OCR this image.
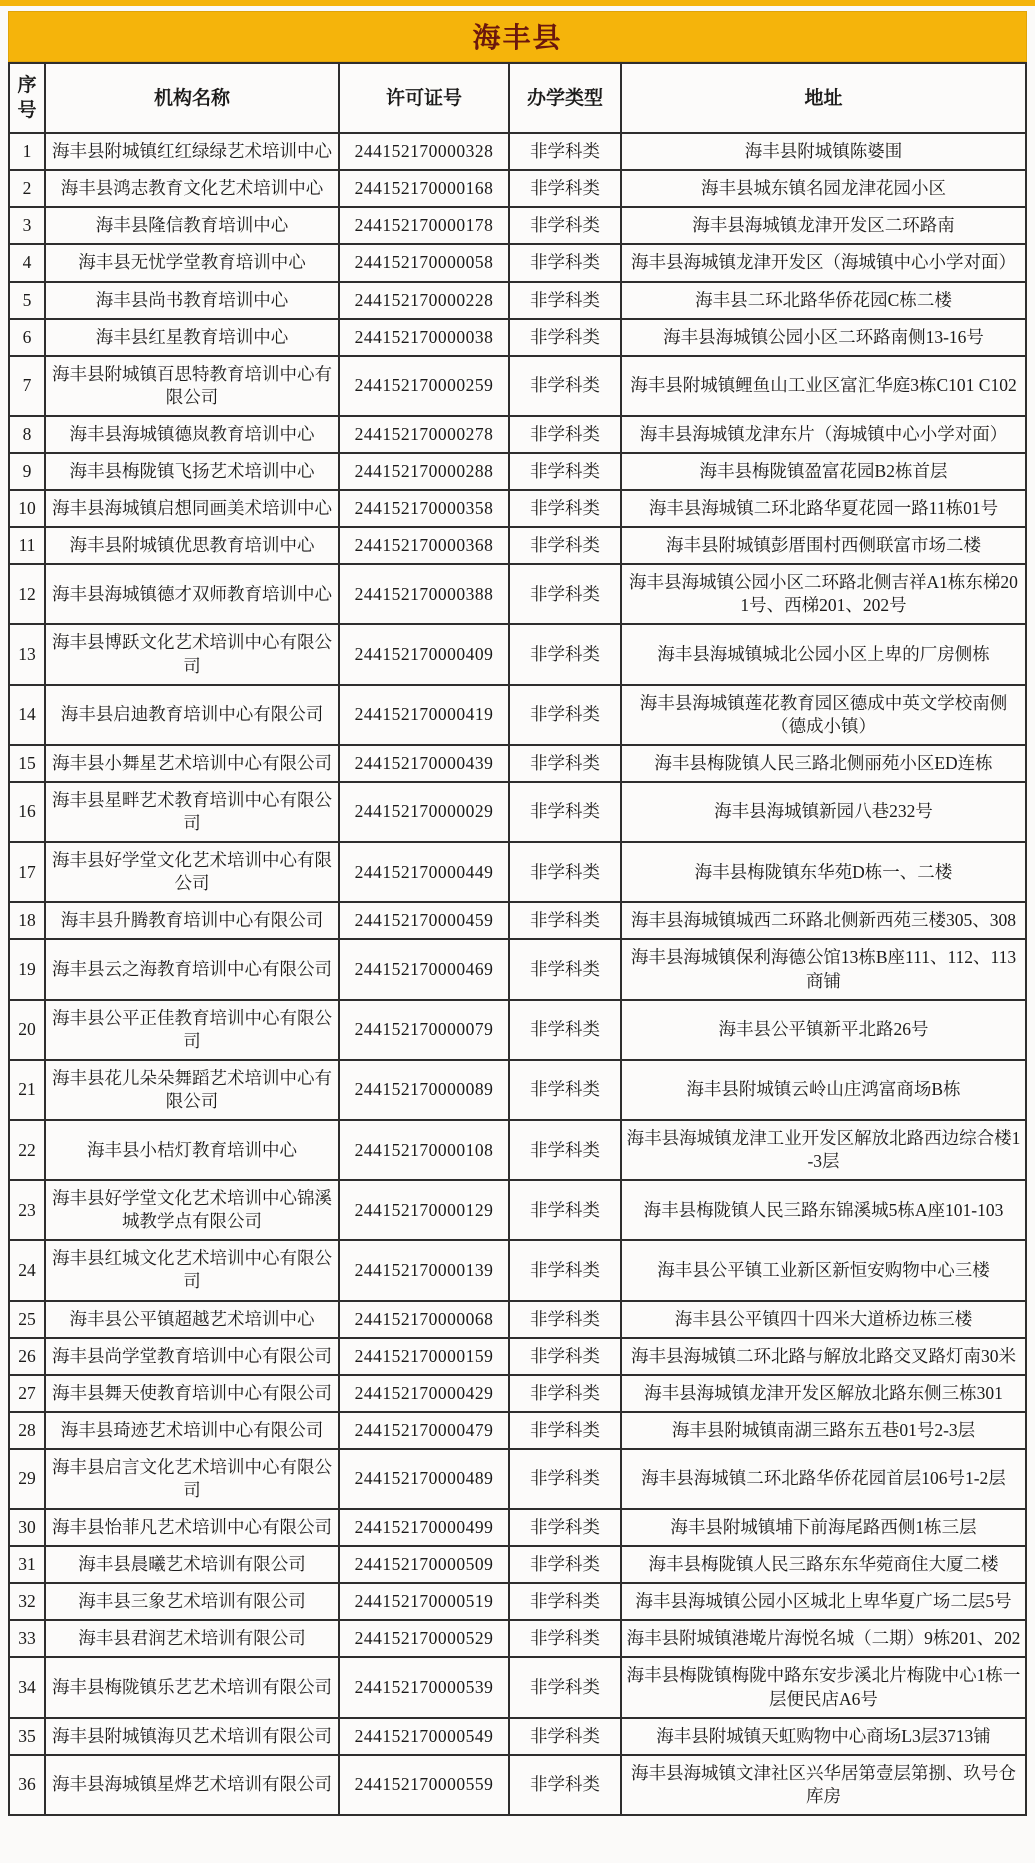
海丰县
序号	机构名称	许可证号	办学类型	地址
1	海丰县附城镇红红绿绿艺术培训中心	244152170000328	非学科类	海丰县附城镇陈婆围
2	海丰县鸿志教育文化艺术培训中心	244152170000168	非学科类	海丰县城东镇名园龙津花园小区
3	海丰县隆信教育培训中心	244152170000178	非学科类	海丰县海城镇龙津开发区二环路南
4	海丰县无忧学堂教育培训中心	244152170000058	非学科类	海丰县海城镇龙津开发区（海城镇中心小学对面）
5	海丰县尚书教育培训中心	244152170000228	非学科类	海丰县二环北路华侨花园C栋二楼
6	海丰县红星教育培训中心	244152170000038	非学科类	海丰县海城镇公园小区二环路南侧13-16号
7	海丰县附城镇百思特教育培训中心有限公司	244152170000259	非学科类	海丰县附城镇鲤鱼山工业区富汇华庭3栋C101 C102
8	海丰县海城镇德岚教育培训中心	244152170000278	非学科类	海丰县海城镇龙津东片（海城镇中心小学对面）
9	海丰县梅陇镇飞扬艺术培训中心	244152170000288	非学科类	海丰县梅陇镇盈富花园B2栋首层
10	海丰县海城镇启想同画美术培训中心	244152170000358	非学科类	海丰县海城镇二环北路华夏花园一路11栋01号
11	海丰县附城镇优思教育培训中心	244152170000368	非学科类	海丰县附城镇彭厝围村西侧联富市场二楼
12	海丰县海城镇德才双师教育培训中心	244152170000388	非学科类	海丰县海城镇公园小区二环路北侧吉祥A1栋东梯201号、西梯201、202号
13	海丰县博跃文化艺术培训中心有限公司	244152170000409	非学科类	海丰县海城镇城北公园小区上卑的厂房侧栋
14	海丰县启迪教育培训中心有限公司	244152170000419	非学科类	海丰县海城镇莲花教育园区德成中英文学校南侧（德成小镇）
15	海丰县小舞星艺术培训中心有限公司	244152170000439	非学科类	海丰县梅陇镇人民三路北侧丽苑小区ED连栋
16	海丰县星畔艺术教育培训中心有限公司	244152170000029	非学科类	海丰县海城镇新园八巷232号
17	海丰县好学堂文化艺术培训中心有限公司	244152170000449	非学科类	海丰县梅陇镇东华苑D栋一、二楼
18	海丰县升腾教育培训中心有限公司	244152170000459	非学科类	海丰县海城镇城西二环路北侧新西苑三楼305、308
19	海丰县云之海教育培训中心有限公司	244152170000469	非学科类	海丰县海城镇保利海德公馆13栋B座111、112、113商铺
20	海丰县公平正佳教育培训中心有限公司	244152170000079	非学科类	海丰县公平镇新平北路26号
21	海丰县花儿朵朵舞蹈艺术培训中心有限公司	244152170000089	非学科类	海丰县附城镇云岭山庄鸿富商场B栋
22	海丰县小桔灯教育培训中心	244152170000108	非学科类	海丰县海城镇龙津工业开发区解放北路西边综合楼1-3层
23	海丰县好学堂文化艺术培训中心锦溪城教学点有限公司	244152170000129	非学科类	海丰县梅陇镇人民三路东锦溪城5栋A座101-103
24	海丰县红城文化艺术培训中心有限公司	244152170000139	非学科类	海丰县公平镇工业新区新恒安购物中心三楼
25	海丰县公平镇超越艺术培训中心	244152170000068	非学科类	海丰县公平镇四十四米大道桥边栋三楼
26	海丰县尚学堂教育培训中心有限公司	244152170000159	非学科类	海丰县海城镇二环北路与解放北路交叉路灯南30米
27	海丰县舞天使教育培训中心有限公司	244152170000429	非学科类	海丰县海城镇龙津开发区解放北路东侧三栋301
28	海丰县琦迹艺术培训中心有限公司	244152170000479	非学科类	海丰县附城镇南湖三路东五巷01号2-3层
29	海丰县启言文化艺术培训中心有限公司	244152170000489	非学科类	海丰县海城镇二环北路华侨花园首层106号1-2层
30	海丰县怡菲凡艺术培训中心有限公司	244152170000499	非学科类	海丰县附城镇埔下前海尾路西侧1栋三层
31	海丰县晨曦艺术培训有限公司	244152170000509	非学科类	海丰县梅陇镇人民三路东东华菀商住大厦二楼
32	海丰县三象艺术培训有限公司	244152170000519	非学科类	海丰县海城镇公园小区城北上卑华夏广场二层5号
33	海丰县君润艺术培训有限公司	244152170000529	非学科类	海丰县附城镇港墘片海悦名城（二期）9栋201、202
34	海丰县梅陇镇乐艺艺术培训有限公司	244152170000539	非学科类	海丰县梅陇镇梅陇中路东安步溪北片梅陇中心1栋一层便民店A6号
35	海丰县附城镇海贝艺术培训有限公司	244152170000549	非学科类	海丰县附城镇天虹购物中心商场L3层3713铺
36	海丰县海城镇星烨艺术培训有限公司	244152170000559	非学科类	海丰县海城镇文津社区兴华居第壹层第捌、玖号仓库房
